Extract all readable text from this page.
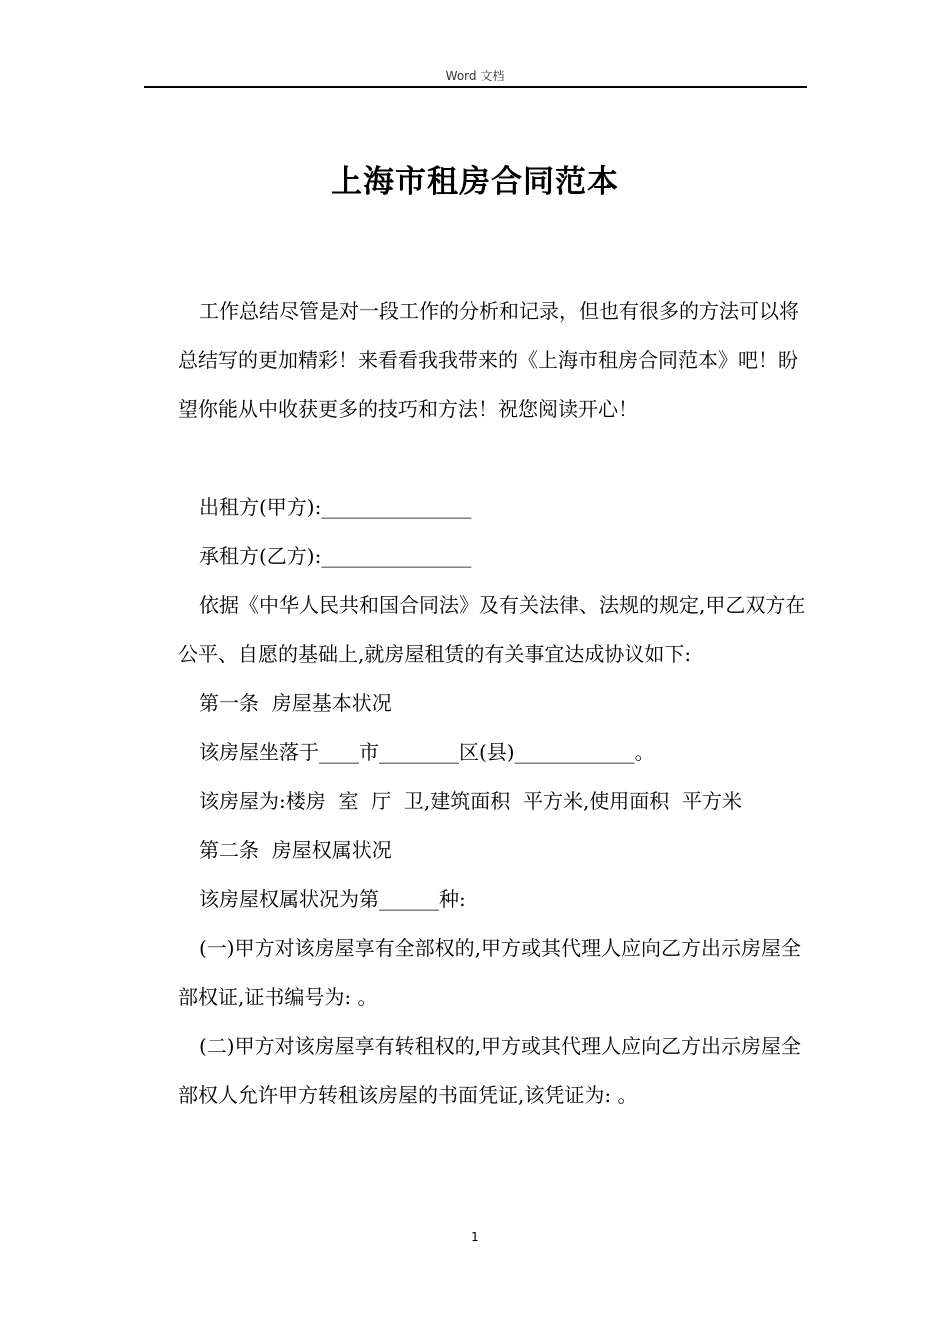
Word 文档
上海市租房合同范本

工作总结尽管是对一段工作的分析和记录，但也有很多的方法可以将总结写的更加精彩！来看看我我带来的《上海市租房合同范本》吧！盼望你能从中收获更多的技巧和方法！祝您阅读开心！

出租方(甲方):_______________

承租方(乙方):_______________

依据《中华人民共和国合同法》及有关法律、法规的规定,甲乙双方在公平、自愿的基础上,就房屋租赁的有关事宜达成协议如下:

第一条  房屋基本状况

该房屋坐落于____市________区(县)____________。

该房屋为:楼房  室  厅  卫,建筑面积  平方米,使用面积  平方米

第二条  房屋权属状况

该房屋权属状况为第______种:

(一)甲方对该房屋享有全部权的,甲方或其代理人应向乙方出示房屋全部权证,证书编号为: 。

(二)甲方对该房屋享有转租权的,甲方或其代理人应向乙方出示房屋全部权人允许甲方转租该房屋的书面凭证,该凭证为: 。

1
